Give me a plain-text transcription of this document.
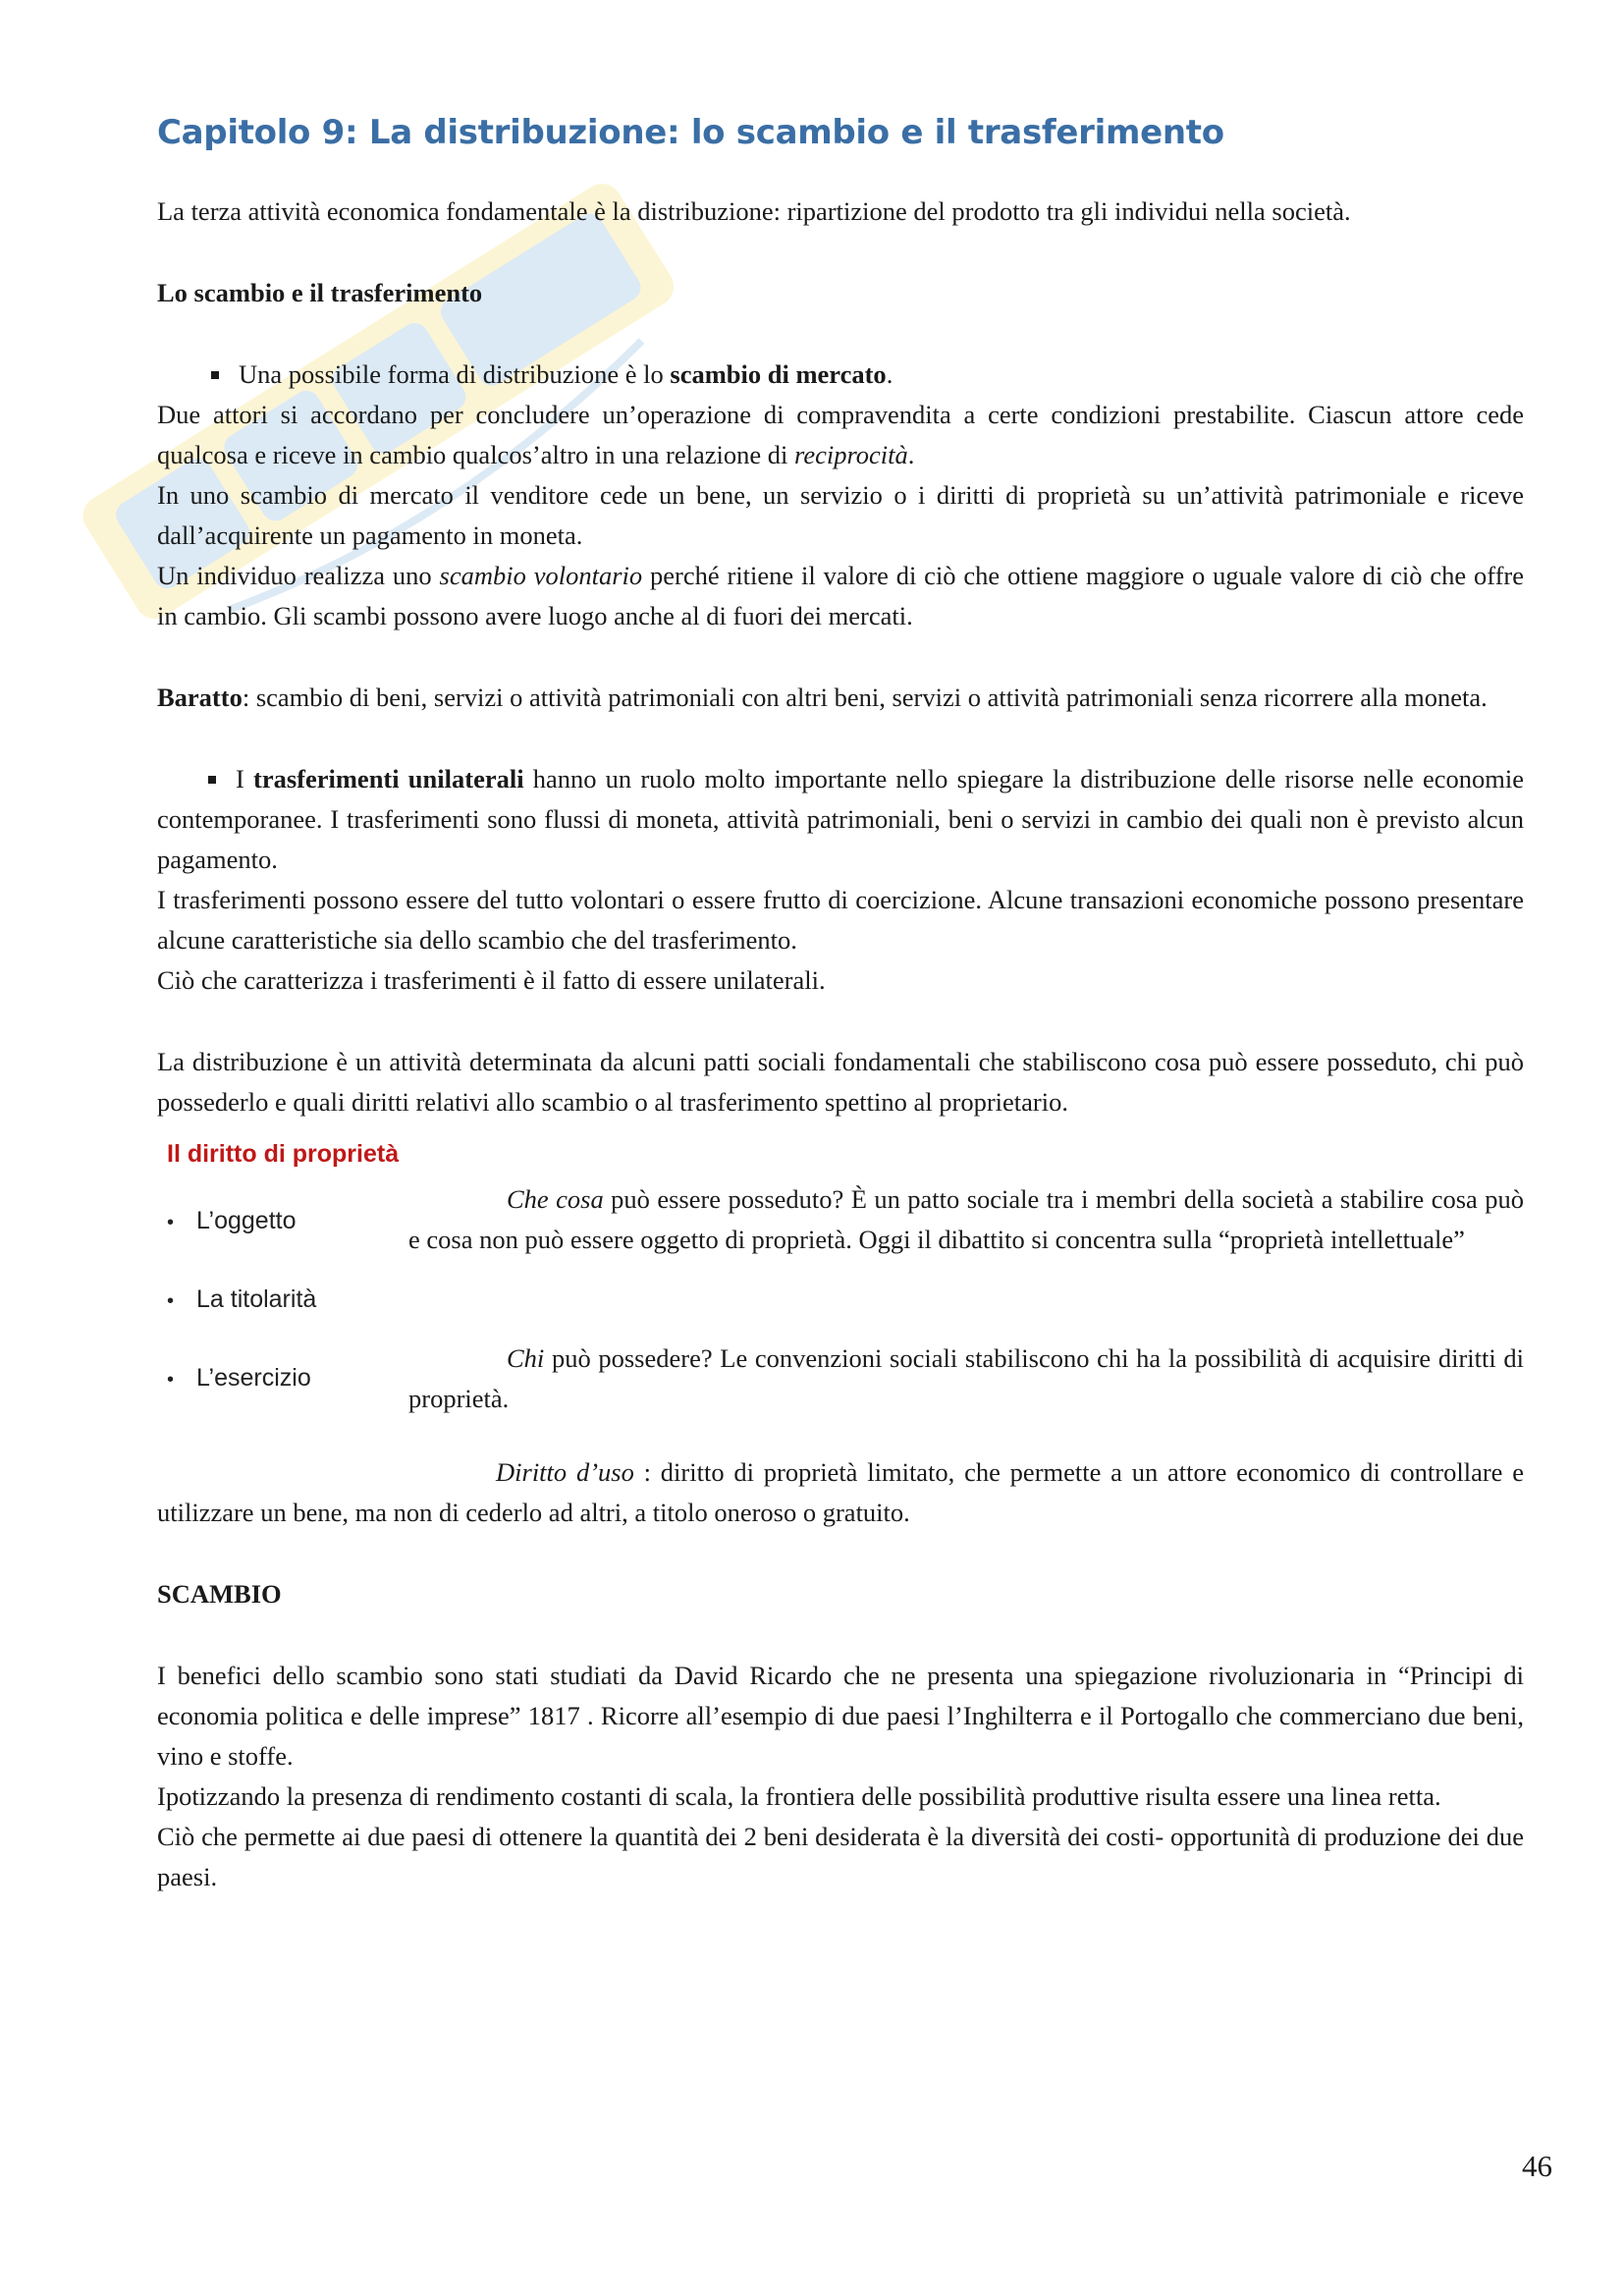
Capitolo 9: La distribuzione: lo scambio e il trasferimento

La terza attività economica fondamentale è la distribuzione: ripartizione del prodotto tra gli individui nella società.

Lo scambio e il trasferimento
Una possibile forma di distribuzione è lo scambio di mercato.

Due attori si accordano per concludere un’operazione di compravendita a certe condizioni prestabilite. Ciascun attore cede qualcosa e riceve in cambio qualcos’altro in una relazione di reciprocità.

In uno scambio di mercato il venditore cede un bene, un servizio o i diritti di proprietà su un’attività patrimoniale e riceve dall’acquirente un pagamento in moneta.

Un individuo realizza uno scambio volontario perché ritiene il valore di ciò che ottiene maggiore o uguale valore di ciò che offre in cambio. Gli scambi possono avere luogo anche al di fuori dei mercati.

Baratto: scambio di beni, servizi o attività patrimoniali con altri beni, servizi o attività patrimoniali senza ricorrere alla moneta.

I trasferimenti unilaterali hanno un ruolo molto importante nello spiegare la distribuzione delle risorse nelle economie contemporanee. I trasferimenti sono flussi di moneta, attività patrimoniali, beni o servizi in cambio dei quali non è previsto alcun pagamento.

I trasferimenti possono essere del tutto volontari o essere frutto di coercizione. Alcune transazioni economiche possono presentare alcune caratteristiche sia dello scambio che del trasferimento.

Ciò che caratterizza i trasferimenti è il fatto di essere unilaterali.

La distribuzione è un attività determinata da alcuni patti sociali fondamentali che stabiliscono cosa può essere posseduto, chi può possederlo e quali diritti relativi allo scambio o al trasferimento spettino al proprietario.

Il diritto di proprietà
• L’oggetto
• La titolarità
• L’esercizio

Che cosa può essere posseduto? È un patto sociale tra i membri della società a stabilire cosa può e cosa non può essere oggetto di proprietà. Oggi il dibattito si concentra sulla “proprietà intellettuale”

Chi può possedere? Le convenzioni sociali stabiliscono chi ha la possibilità di acquisire diritti di proprietà.

Diritto d’uso : diritto di proprietà limitato, che permette a un attore economico di controllare e utilizzare un bene, ma non di cederlo ad altri, a titolo oneroso o gratuito.

SCAMBIO

I benefici dello scambio sono stati studiati da David Ricardo che ne presenta una spiegazione rivoluzionaria in “Principi di economia politica e delle imprese” 1817 . Ricorre all’esempio di due paesi l’Inghilterra e il Portogallo che commerciano due beni, vino e stoffe.

Ipotizzando la presenza di rendimento costanti di scala, la frontiera delle possibilità produttive risulta essere una linea retta.

Ciò che permette ai due paesi di ottenere la quantità dei 2 beni desiderata è la diversità dei costi- opportunità di produzione dei due paesi.

46
